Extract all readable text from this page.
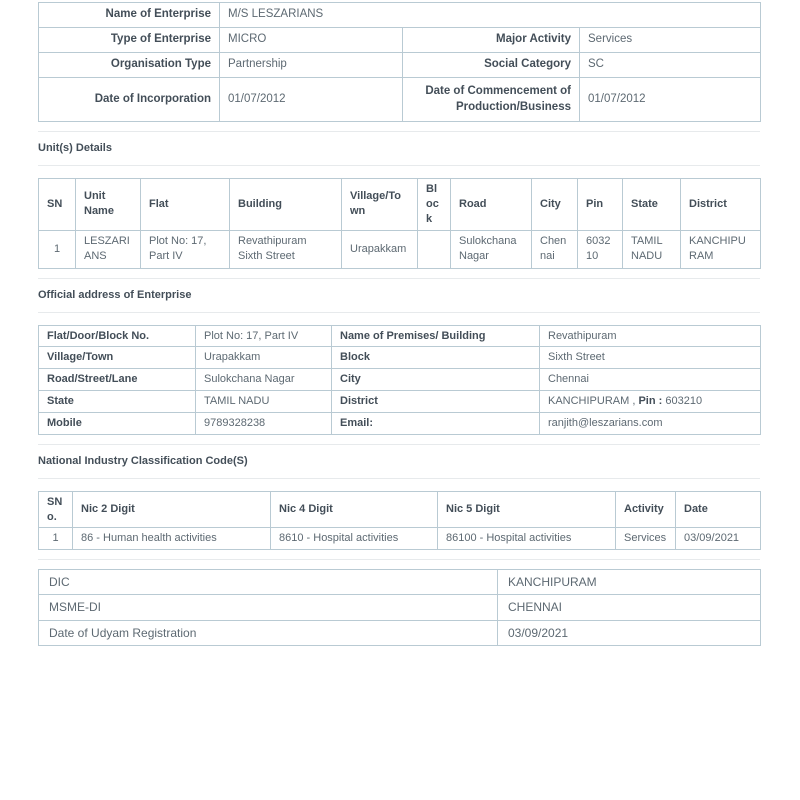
Name of Enterprise	M/S LESZARIANS		
Type of Enterprise	MICRO	Major Activity	Services
Organisation Type	Partnership	Social Category	SC
Date of Incorporation	01/07/2012	Date of Commencement of Production/Business	01/07/2012
Unit(s) Details
SN	Unit Name	Flat	Building	Village/Town	Block	Road	City	Pin	State	District
1	LESZARIANS	Plot No: 17, Part IV	Revathipuram Sixth Street	Urapakkam		Sulokchana Nagar	Chennai	603210	TAMIL NADU	KANCHIPURAM
Official address of Enterprise
Flat/Door/Block No.	Plot No: 17, Part IV	Name of Premises/ Building	Revathipuram
Village/Town	Urapakkam	Block	Sixth Street
Road/Street/Lane	Sulokchana Nagar	City	Chennai
State	TAMIL NADU	District	KANCHIPURAM , Pin : 603210
Mobile	9789328238	Email:	ranjith@leszarians.com
National Industry Classification Code(S)
SNo.	Nic 2 Digit	Nic 4 Digit	Nic 5 Digit	Activity	Date
1	86 - Human health activities	8610 - Hospital activities	86100 - Hospital activities	Services	03/09/2021
DIC	KANCHIPURAM
MSME-DI	CHENNAI
Date of Udyam Registration	03/09/2021
